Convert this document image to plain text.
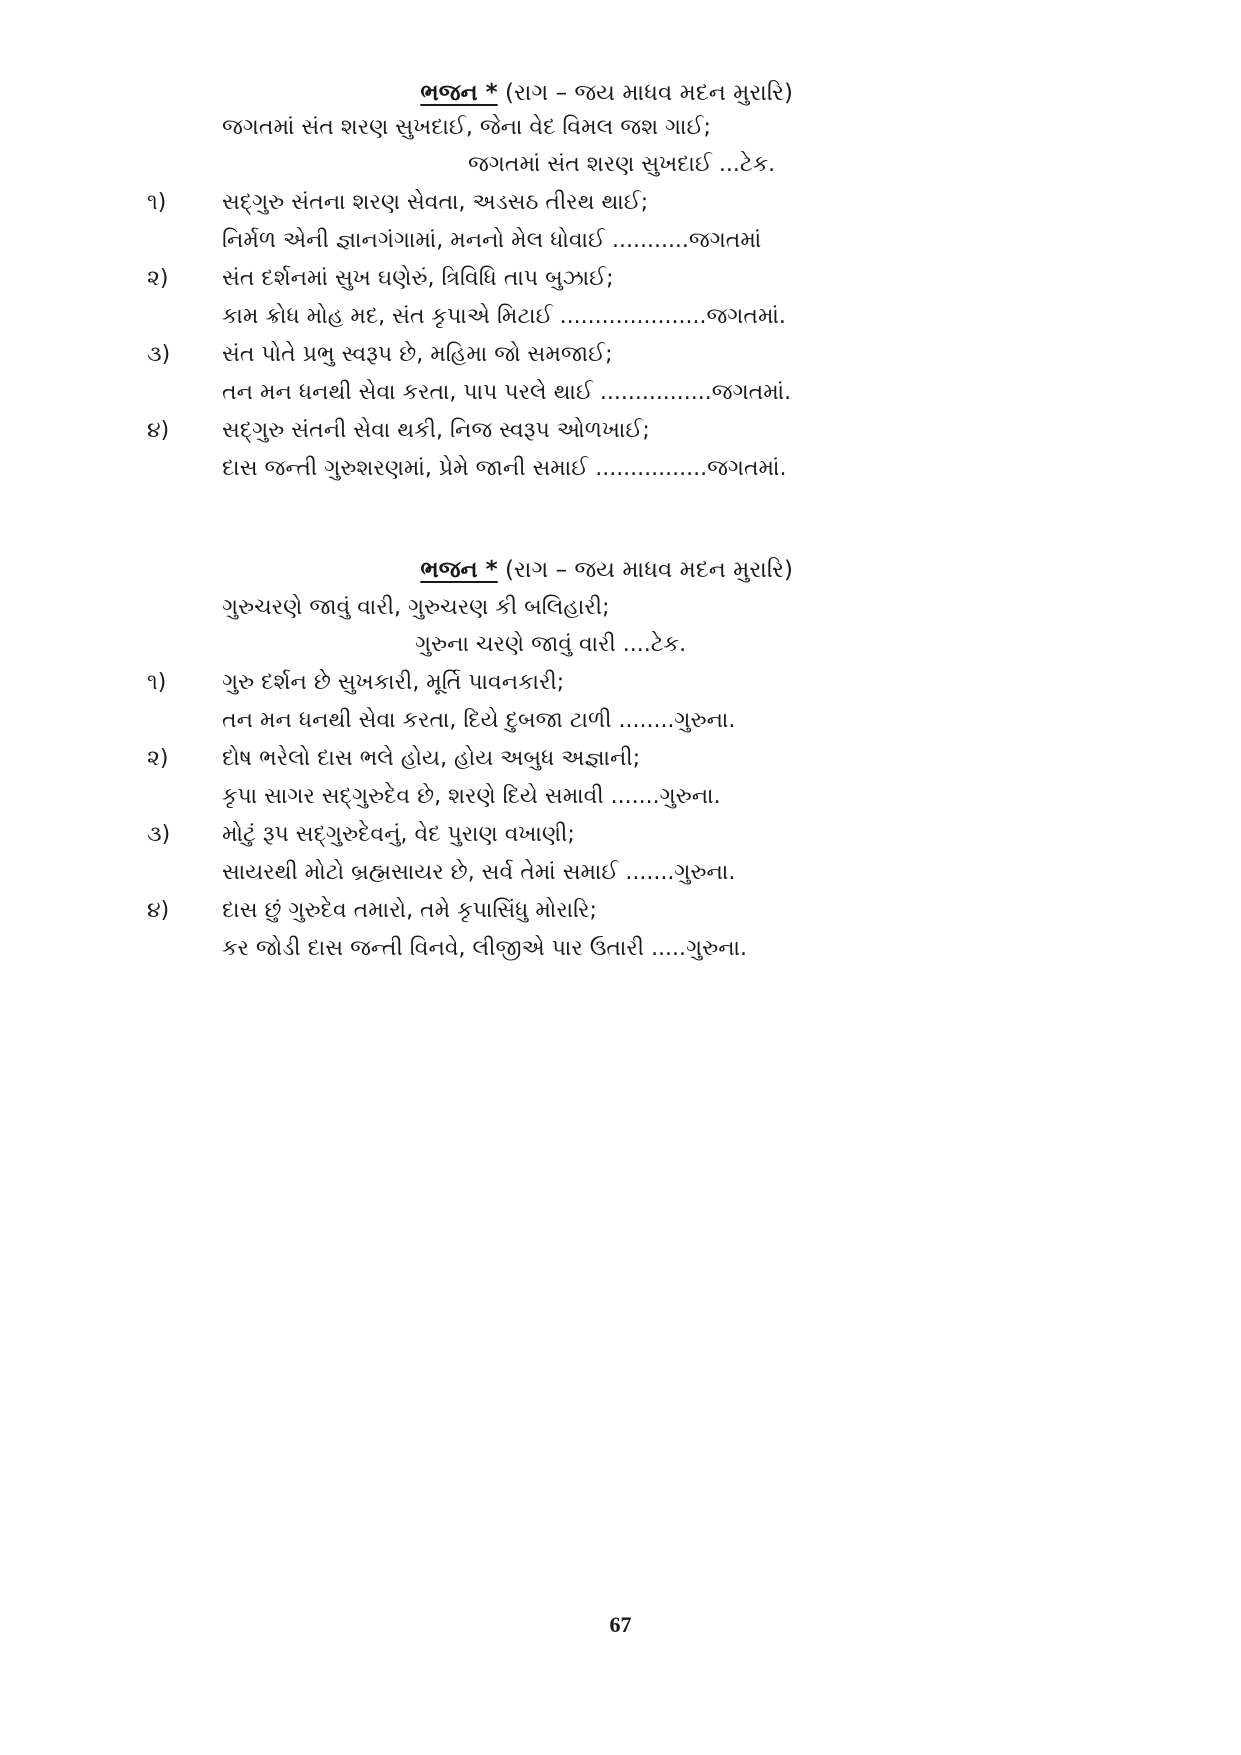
ભજન * (રાગ – જય માધવ મદન મુરારિ)
જગતમાં સંત શરણ સુખદાઈ, જેના વેદ વિમલ જશ ગાઈ;
જગતમાં સંત શરણ સુખદાઈ ...ટેક.
૧)	સદ્ગુરુ સંતના શરણ સેવતા, અડસઠ તીરથ થાઈ;
નિર્મળ એની જ્ઞાનગંગામાં, મનનો મેલ ધોવાઈ ...........જગતમાં
૨) સંત દર્શનમાં સુખ ઘણેરું, ત્રિવિધિ તાપ બુઝાઈ;
કામ ક્રોધ મોહ મદ, સંત કૃપાએ મિટાઈ .....................જગતમાં.
૩) સંત પોતે પ્રભુ સ્વરૂપ છે, મહિમા જો સમજાઈ;
તન મન ધનથી સેવા કરતા, પાપ પરલે થાઈ ................જગતમાં.
૪) સદ્ગુરુ સંતની સેવા થકી, નિજ સ્વરૂપ ઓળખાઈ;
દાસ જન્તી ગુરુશરણમાં, પ્રેમે જાની સમાઈ ................જગતમાં.
ભજન * (રાગ – જય માધવ મદન મુરારિ)
ગુરુચરણે જાવું વારી, ગુરુચરણ કી બલિહારી;
ગુરુના ચરણે જાવું વારી ....ટેક.
૧)	ગુરુ દર્શન છે સુખકારી, મૂર્તિ પાવનકારી;
તન મન ધનથી સેવા કરતા, દિયે દુબજા ટાળી ........ગુરુના.
૨) દોષ ભરેલો દાસ ભલે હોય, હોય અબુધ અજ્ઞાની;
કૃપા સાગર સદ્ગુરુદેવ છે, શરણે દિયે સમાવી .......ગુરુના.
૩) મોટું રૂપ સદ્ગુરુદેવનું, વેદ પુરાણ વખાણી;
સાયરથી મોટો બ્રહ્મસાયર છે, સર્વ તેમાં સમાઈ .......ગુરુના.
૪) દાસ છું ગુરુદેવ તમારો, તમે કૃપાસિંધુ મોરારિ;
કર જોડી દાસ જન્તી વિનવે, લીજીએ પાર ઉતારી .....ગુરુના.
67
